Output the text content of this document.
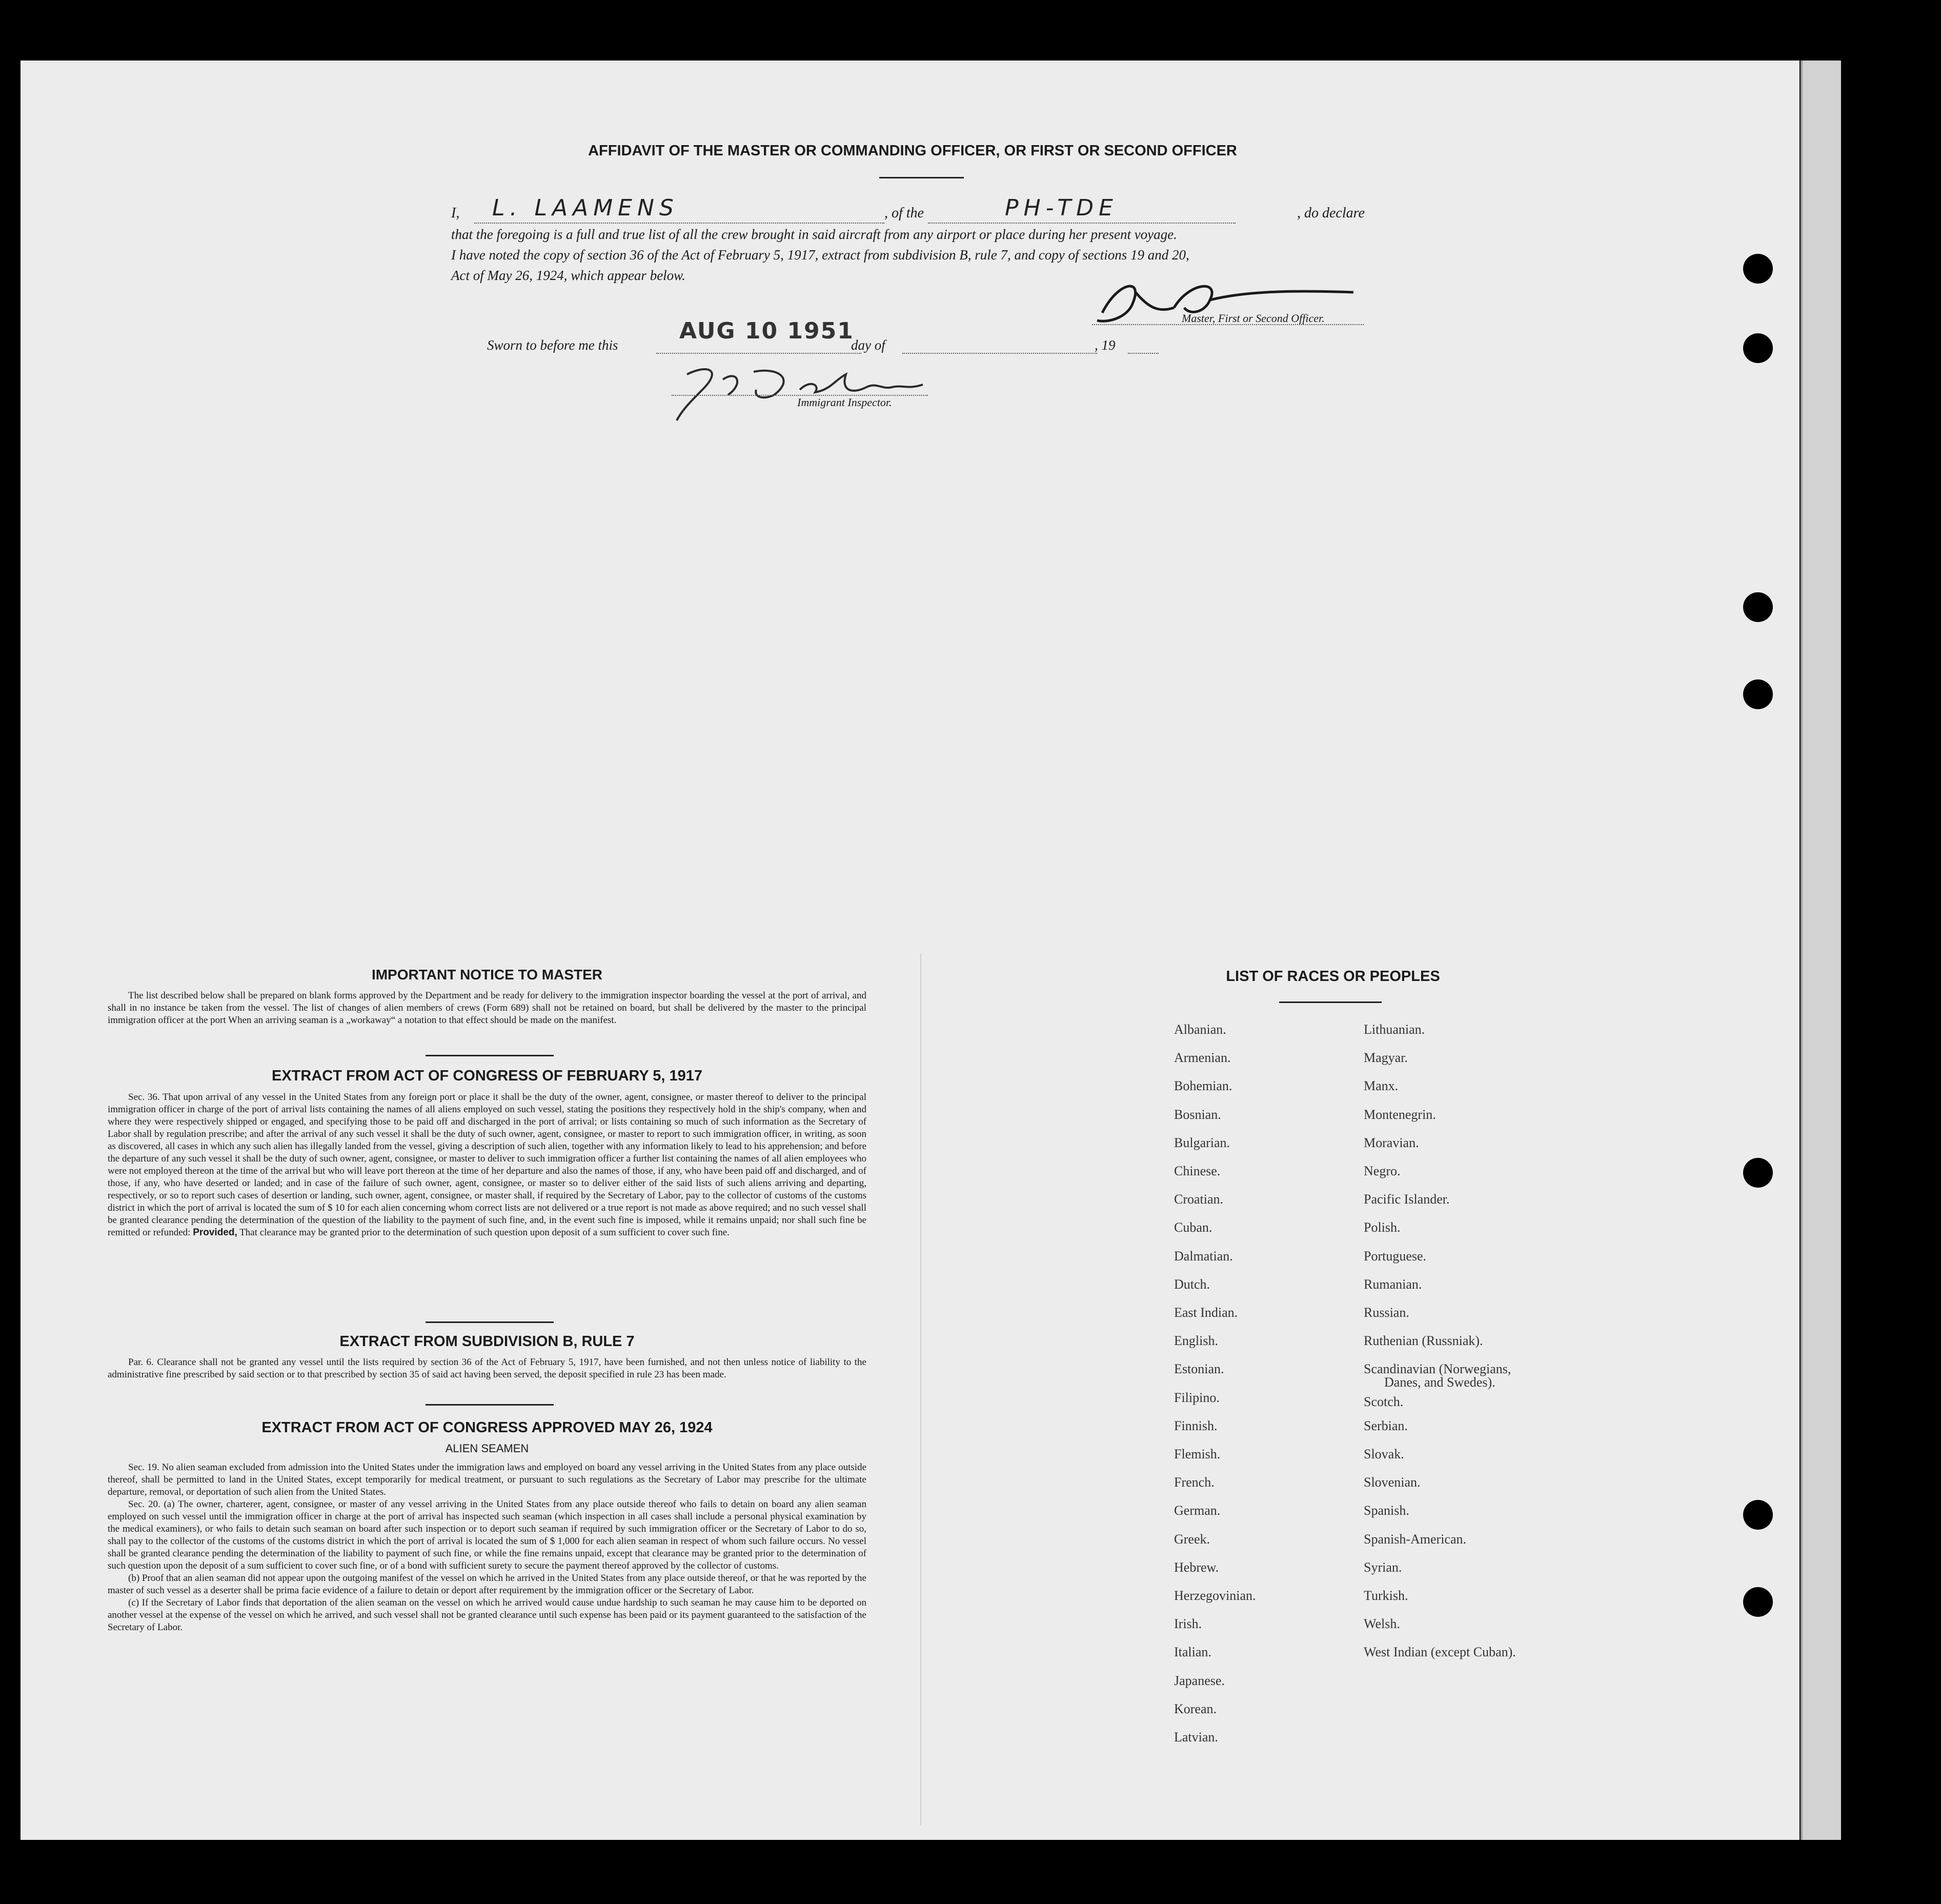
AFFIDAVIT OF THE MASTER OR COMMANDING OFFICER, OR FIRST OR SECOND OFFICER
I, L. LAAMENS	, of the	PH-TDE	, do declare
that the foregoing is a full and true list of all the crew brought in said aircraft from any airport or place during her present voyage.
I have noted the copy of section 36 of the Act of February 5, 1917, extract from subdivision B, rule 7, and copy of sections 19 and 20,
Act of May 26, 1924, which appear below.
Master, First or Second Officer.
Sworn to before me this
AUG 10 1951
day of	, 19
Immigrant Inspector.
IMPORTANT NOTICE TO MASTER
The list described below shall be prepared on blank forms approved by the Department and be ready for delivery to the immigration inspector boarding the vessel at the port of arrival, and shall in no instance be taken from the vessel. The list of changes of alien members of crews (Form 689) shall not be retained on board, but shall be delivered by the master to the principal immigration officer at the port When an arriving seaman is a „workaway“ a notation to that effect should be made on the manifest.
EXTRACT FROM ACT OF CONGRESS OF FEBRUARY 5, 1917
Sec. 36. That upon arrival of any vessel in the United States from any foreign port or place it shall be the duty of the owner, agent, consignee, or master thereof to deliver to the principal immigration officer in charge of the port of arrival lists containing the names of all aliens employed on such vessel, stating the positions they respectively hold in the ship's company, when and where they were respectively shipped or engaged, and specifying those to be paid off and discharged in the port of arrival; or lists containing so much of such information as the Secretary of Labor shall by regulation prescribe; and after the arrival of any such vessel it shall be the duty of such owner, agent, consignee, or master to report to such immigration officer, in writing, as soon as discovered, all cases in which any such alien has illegally landed from the vessel, giving a description of such alien, together with any information likely to lead to his apprehension; and before the departure of any such vessel it shall be the duty of such owner, agent, consignee, or master to deliver to such immigration officer a further list containing the names of all alien employees who were not employed thereon at the time of the arrival but who will leave port thereon at the time of her departure and also the names of those, if any, who have been paid off and discharged, and of those, if any, who have deserted or landed; and in case of the failure of such owner, agent, consignee, or master so to deliver either of the said lists of such aliens arriving and departing, respectively, or so to report such cases of desertion or landing, such owner, agent, consignee, or master shall, if required by the Secretary of Labor, pay to the collector of customs of the customs district in which the port of arrival is located the sum of $ 10 for each alien concerning whom correct lists are not delivered or a true report is not made as above required; and no such vessel shall be granted clearance pending the determination of the question of the liability to the payment of such fine, and, in the event such fine is imposed, while it remains unpaid; nor shall such fine be remitted or refunded: Provided, That clearance may be granted prior to the determination of such question upon deposit of a sum sufficient to cover such fine.
EXTRACT FROM SUBDIVISION B, RULE 7
Par. 6. Clearance shall not be granted any vessel until the lists required by section 36 of the Act of February 5, 1917, have been furnished, and not then unless notice of liability to the administrative fine prescribed by said section or to that prescribed by section 35 of said act having been served, the deposit specified in rule 23 has been made.
EXTRACT FROM ACT OF CONGRESS APPROVED MAY 26, 1924
ALIEN SEAMEN
Sec. 19. No alien seaman excluded from admission into the United States under the immigration laws and employed on board any vessel arriving in the United States from any place outside thereof, shall be permitted to land in the United States, except temporarily for medical treatment, or pursuant to such regulations as the Secretary of Labor may prescribe for the ultimate departure, removal, or deportation of such alien from the United States.
Sec. 20. (a) The owner, charterer, agent, consignee, or master of any vessel arriving in the United States from any place outside thereof who fails to detain on board any alien seaman employed on such vessel until the immigration officer in charge at the port of arrival has inspected such seaman (which inspection in all cases shall include a personal physical examination by the medical examiners), or who fails to detain such seaman on board after such inspection or to deport such seaman if required by such immigration officer or the Secretary of Labor to do so, shall pay to the collector of the customs of the customs district in which the port of arrival is located the sum of $ 1,000 for each alien seaman in respect of whom such failure occurs. No vessel shall be granted clearance pending the determination of the liability to payment of such fine, or while the fine remains unpaid, except that clearance may be granted prior to the determination of such question upon the deposit of a sum sufficient to cover such fine, or of a bond with sufficient surety to secure the payment thereof approved by the collector of customs.
(b) Proof that an alien seaman did not appear upon the outgoing manifest of the vessel on which he arrived in the United States from any place outside thereof, or that he was reported by the master of such vessel as a deserter shall be prima facie evidence of a failure to detain or deport after requirement by the immigration officer or the Secretary of Labor.
(c) If the Secretary of Labor finds that deportation of the alien seaman on the vessel on which he arrived would cause undue hardship to such seaman he may cause him to be deported on another vessel at the expense of the vessel on which he arrived, and such vessel shall not be granted clearance until such expense has been paid or its payment guaranteed to the satisfaction of the Secretary of Labor.
LIST OF RACES OR PEOPLES
Albanian.
Armenian.
Bohemian.
Bosnian.
Bulgarian.
Chinese.
Croatian.
Cuban.
Dalmatian.
Dutch.
East Indian.
English.
Estonian.
Filipino.
Finnish.
Flemish.
French.
German.
Greek.
Hebrew.
Herzegovinian.
Irish.
Italian.
Japanese.
Korean.
Latvian.
Lithuanian.
Magyar.
Manx.
Montenegrin.
Moravian.
Negro.
Pacific Islander.
Polish.
Portuguese.
Rumanian.
Russian.
Ruthenian (Russniak).
Scandinavian (Norwegians,
Danes, and Swedes).
Scotch.
Serbian.
Slovak.
Slovenian.
Spanish.
Spanish-American.
Syrian.
Turkish.
Welsh.
West Indian (except Cuban).
